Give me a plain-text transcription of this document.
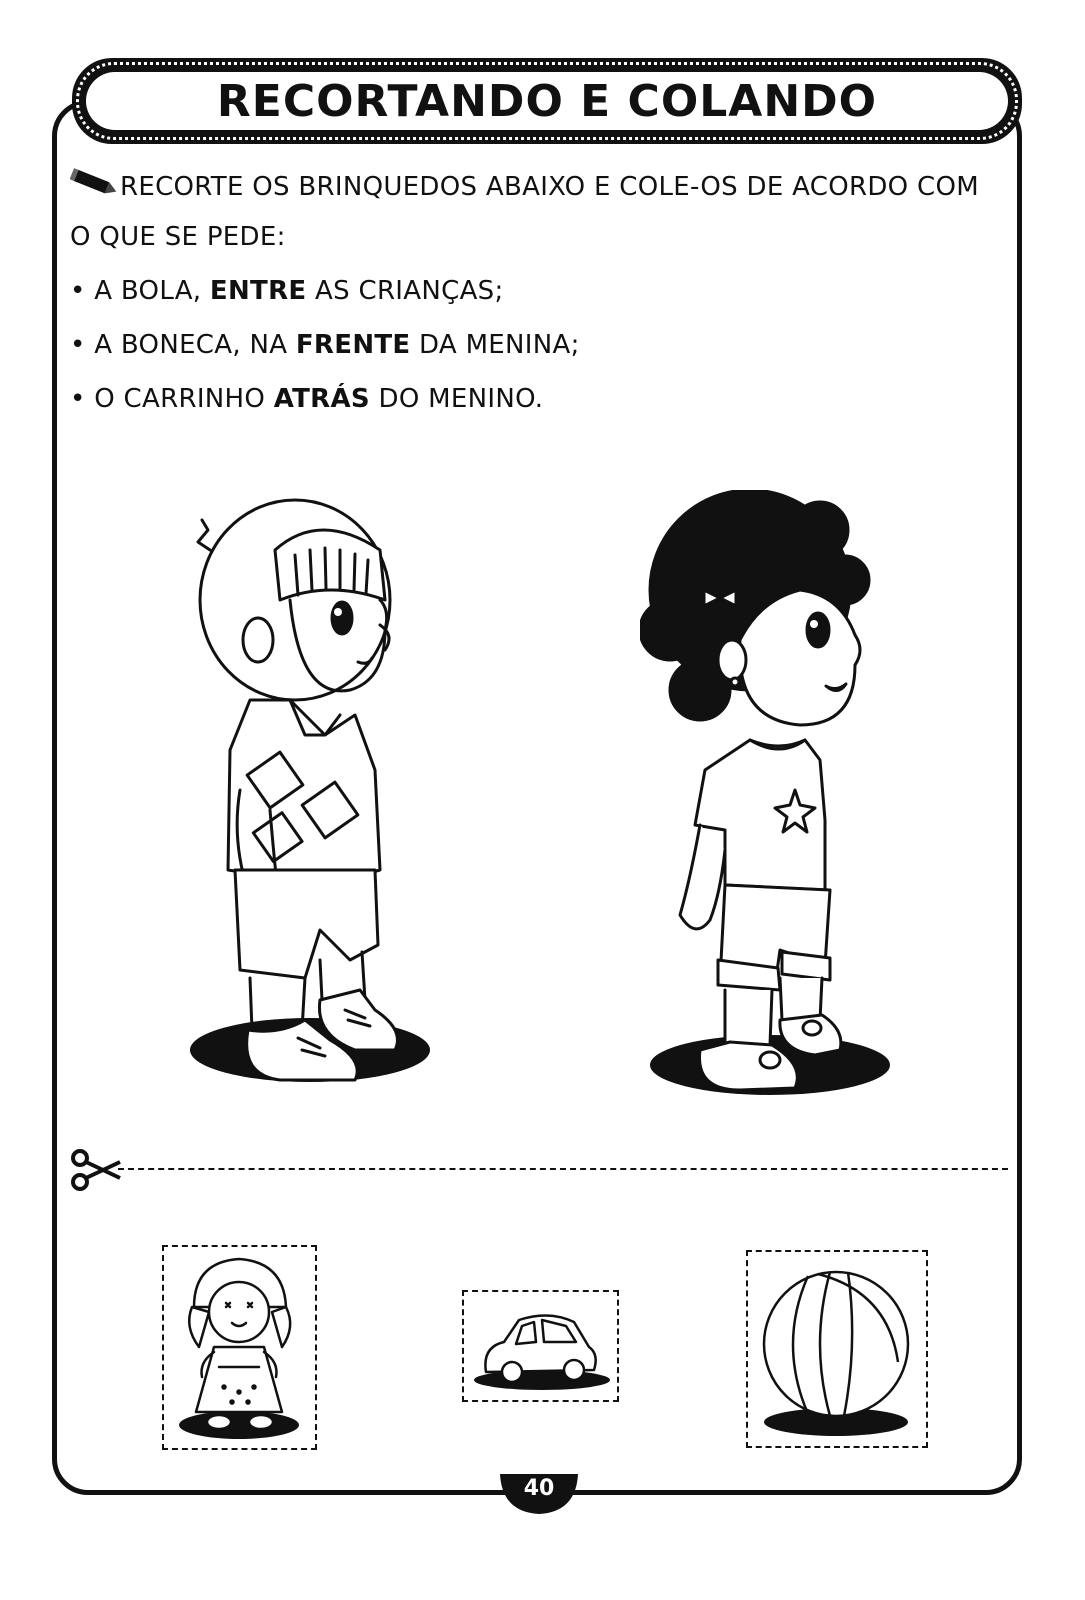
RECORTANDO E COLANDO
RECORTE OS BRINQUEDOS ABAIXO E COLE-OS DE ACORDO COM
O QUE SE PEDE:
• A BOLA, ENTRE AS CRIANÇAS;
• A BONECA, NA FRENTE DA MENINA;
• O CARRINHO ATRÁS DO MENINO.
40
